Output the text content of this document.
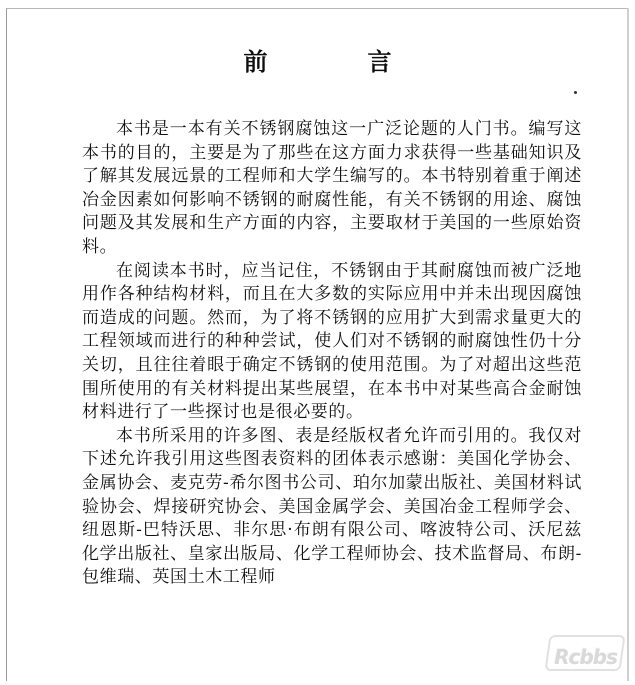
前　言

本书是一本有关不锈钢腐蚀这一广泛论题的人门书。编写这本书的目的，主要是为了那些在这方面力求获得一些基础知识及了解其发展远景的工程师和大学生编写的。本书特别着重于阐述冶金因素如何影响不锈钢的耐腐性能，有关不锈钢的用途、腐蚀问题及其发展和生产方面的内容，主要取材于美国的一些原始资料。

在阅读本书时，应当记住，不锈钢由于其耐腐蚀而被广泛地用作各种结构材料，而且在大多数的实际应用中并未出现因腐蚀而造成的问题。然而，为了将不锈钢的应用扩大到需求量更大的工程领域而进行的种种尝试，使人们对不锈钢的耐腐蚀性仍十分关切，且往往着眼于确定不锈钢的使用范围。为了对超出这些范围所使用的有关材料提出某些展望，在本书中对某些高合金耐蚀材料进行了一些探讨也是很必要的。

本书所采用的许多图、表是经版权者允许而引用的。我仅对下述允许我引用这些图表资料的团体表示感谢：美国化学协会、金属协会、麦克劳-希尔图书公司、珀尔加蒙出版社、美国材料试验协会、焊接研究协会、美国金属学会、美国冶金工程师学会、纽恩斯-巴特沃思、非尔思·布朗有限公司、喀波特公司、沃尼兹化学出版社、皇家出版局、化学工程师协会、技术监督局、布朗-包维瑞、英国土木工程师

Rcbbs
